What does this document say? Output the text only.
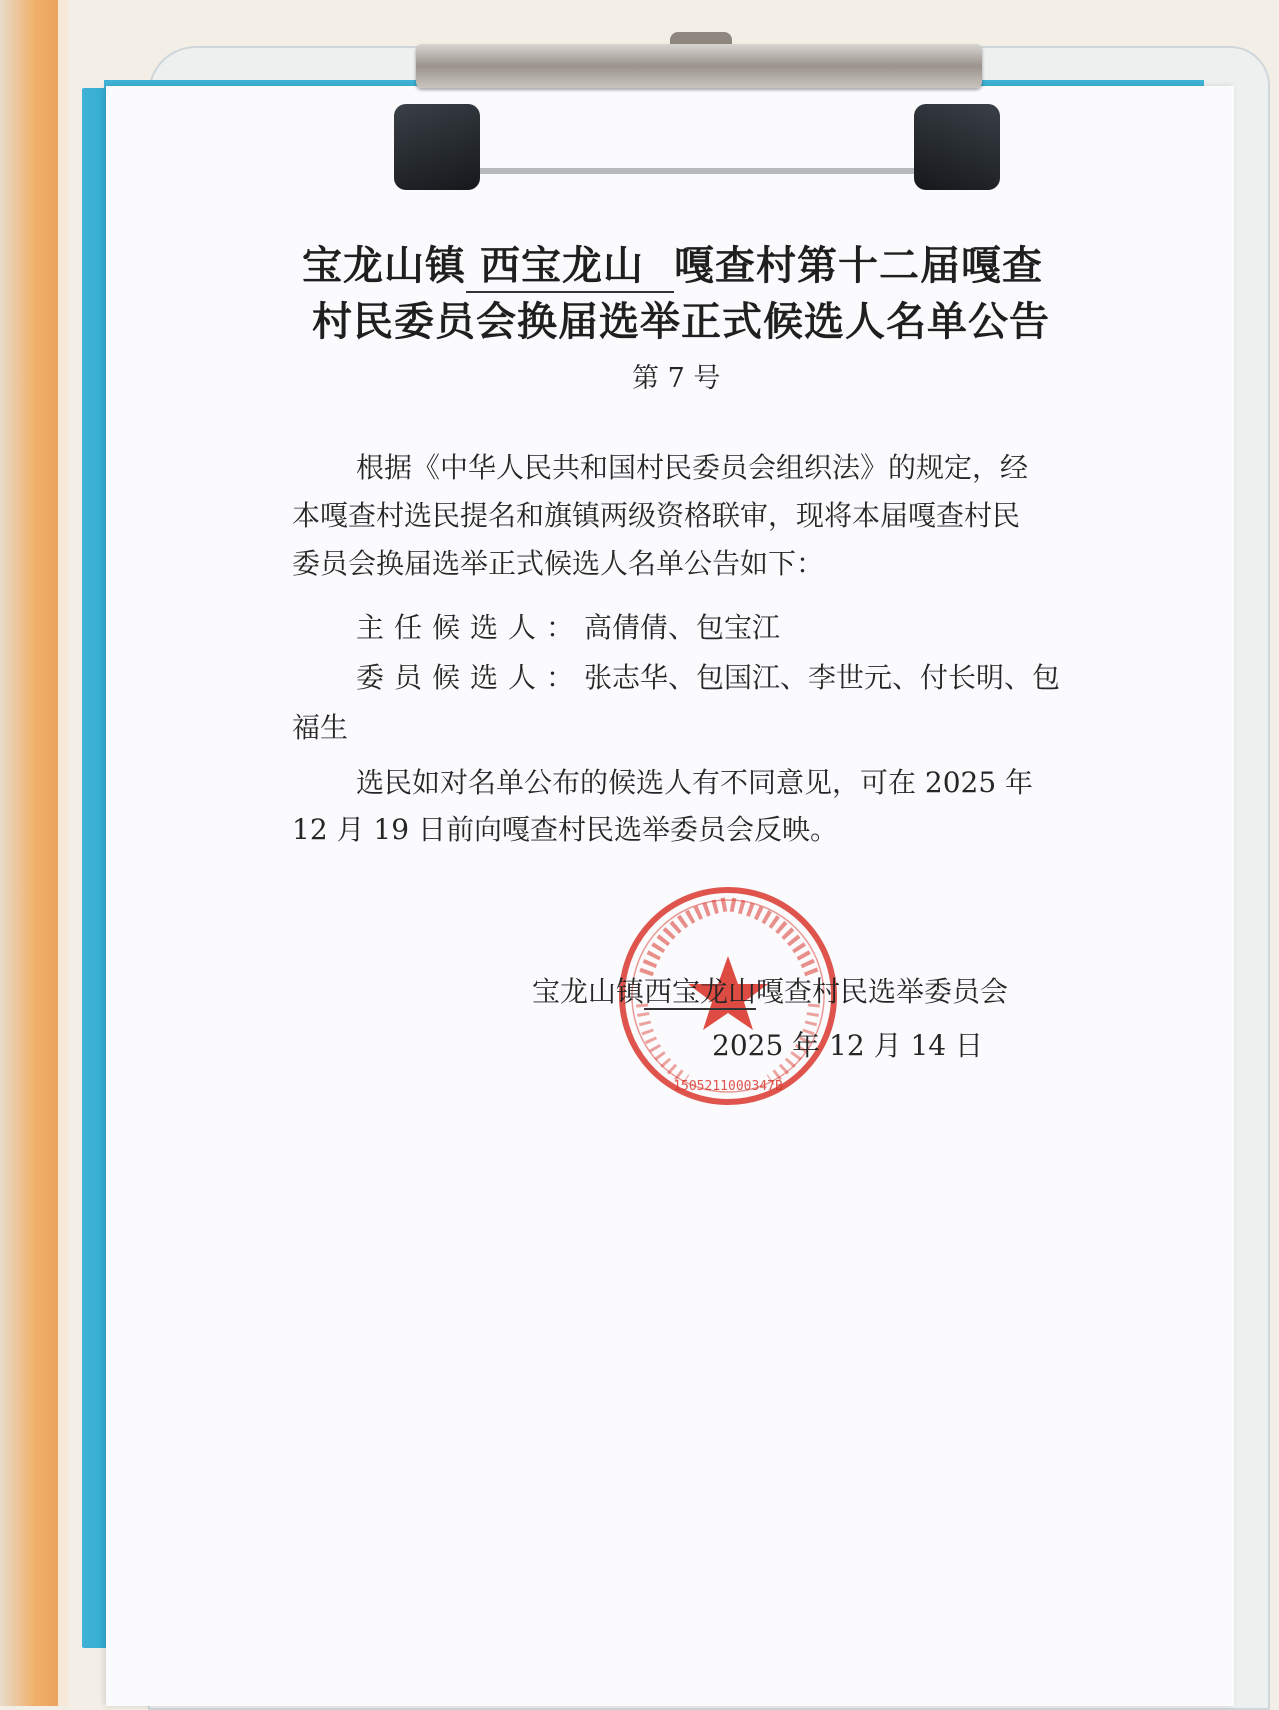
宝龙山镇 西宝龙山 嘎查村第十二届嘎查
村民委员会换届选举正式候选人名单公告
第 7 号
根据《中华人民共和国村民委员会组织法》的规定，经
本嘎查村选民提名和旗镇两级资格联审，现将本届嘎查村民
委员会换届选举正式候选人名单公告如下：
主任候选人：高倩倩、包宝江
委员候选人：张志华、包国江、李世元、付长明、包
福生
选民如对名单公布的候选人有不同意见，可在 2025 年
12 月 19 日前向嘎查村民选举委员会反映。
1505211000347B
宝龙山镇西宝龙山嘎查村民选举委员会
2025 年 12 月 14 日
